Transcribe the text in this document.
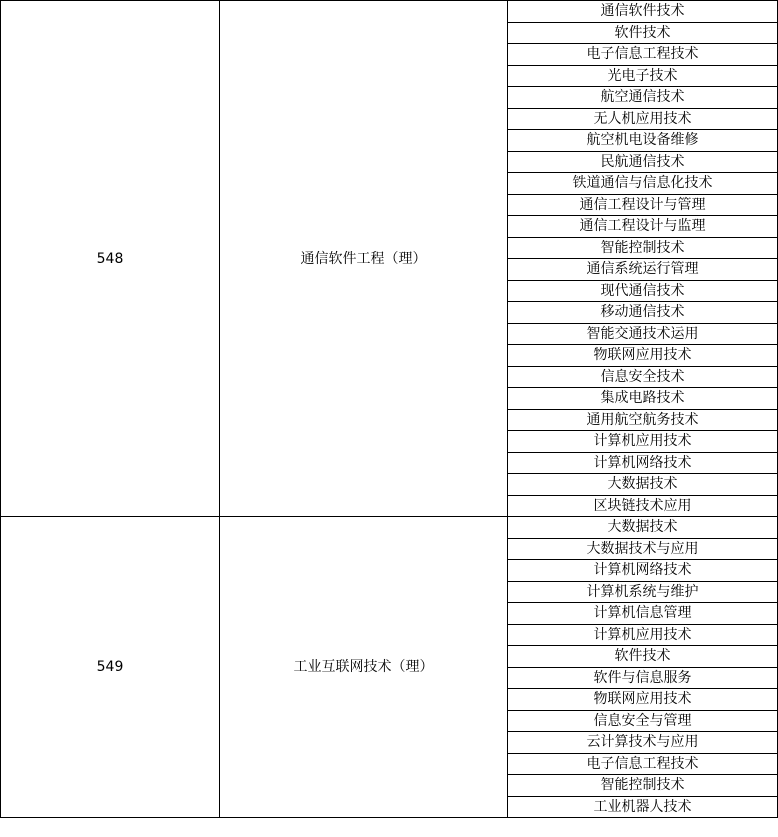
548	通信软件工程（理）	通信软件技术
		软件技术
		电子信息工程技术
		光电子技术
		航空通信技术
		无人机应用技术
		航空机电设备维修
		民航通信技术
		铁道通信与信息化技术
		通信工程设计与管理
		通信工程设计与监理
		智能控制技术
		通信系统运行管理
		现代通信技术
		移动通信技术
		智能交通技术运用
		物联网应用技术
		信息安全技术
		集成电路技术
		通用航空航务技术
		计算机应用技术
		计算机网络技术
		大数据技术
		区块链技术应用
549	工业互联网技术（理）	大数据技术
		大数据技术与应用
		计算机网络技术
		计算机系统与维护
		计算机信息管理
		计算机应用技术
		软件技术
		软件与信息服务
		物联网应用技术
		信息安全与管理
		云计算技术与应用
		电子信息工程技术
		智能控制技术
		工业机器人技术
